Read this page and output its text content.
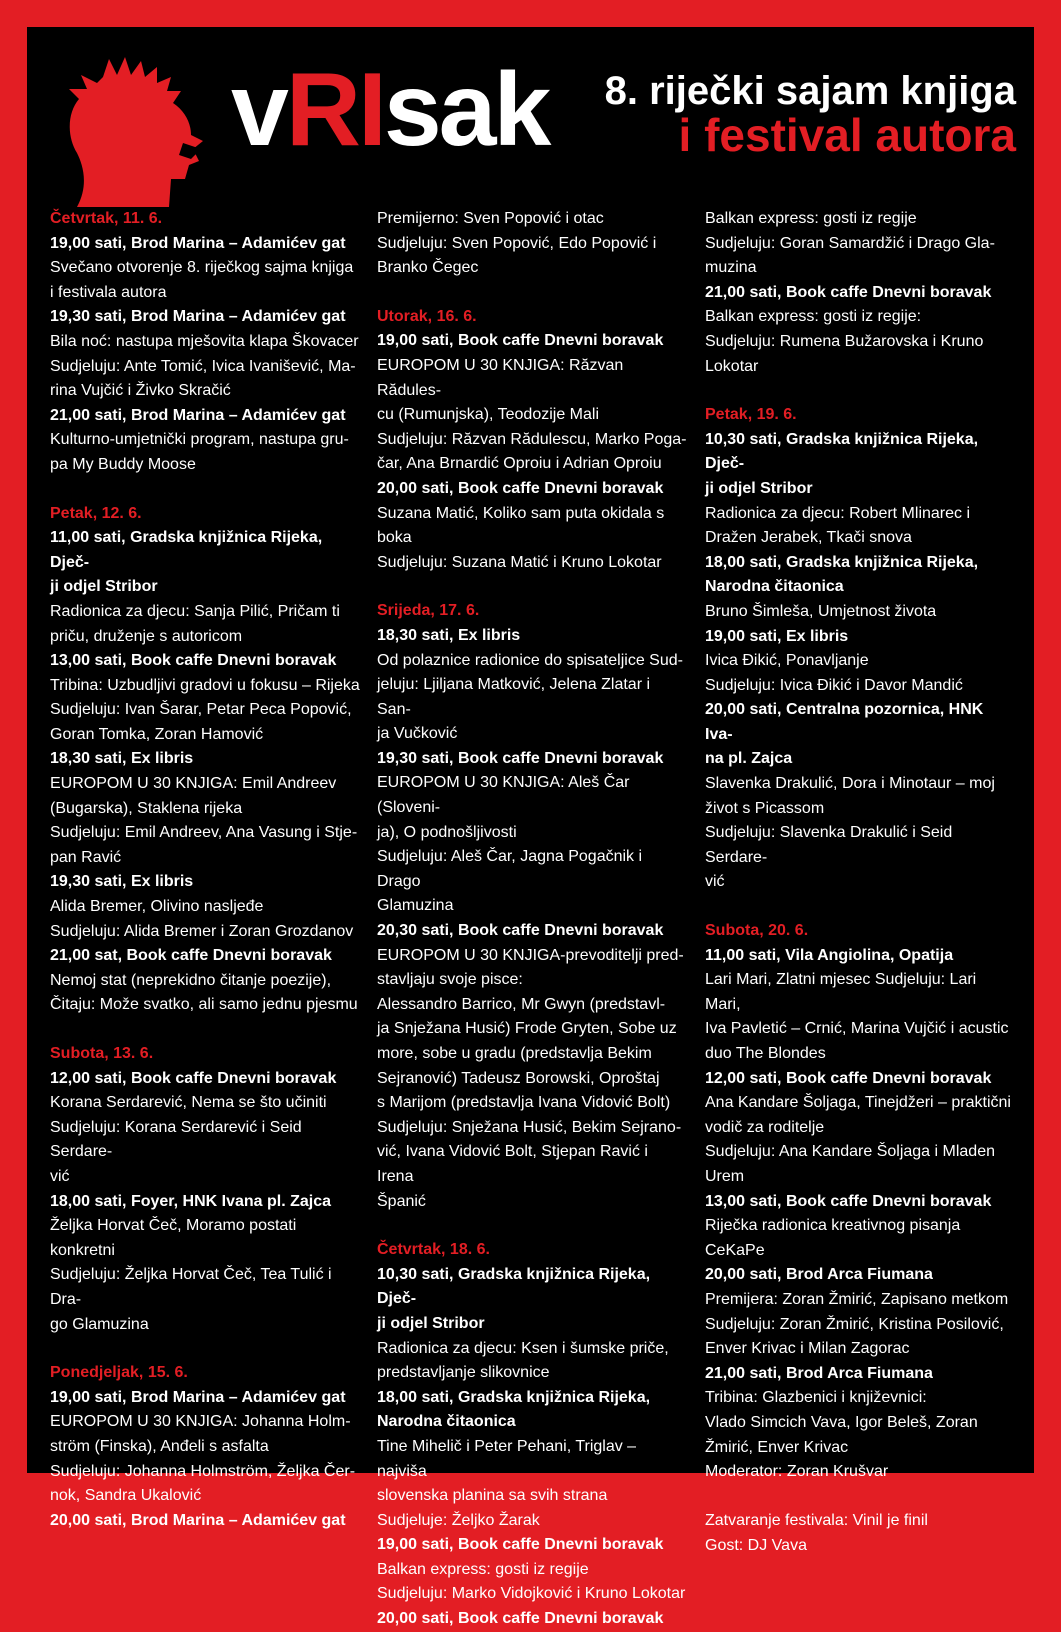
vRIsak 8. riječki sajam knjiga
i festival autora
Četvrtak, 11. 6.
19,00 sati, Brod Marina – Adamićev gat
Svečano otvorenje 8. riječkog sajma knjiga
i festivala autora
19,30 sati, Brod Marina – Adamićev gat
Bila noć: nastupa mješovita klapa Škovacer
Sudjeluju: Ante Tomić, Ivica Ivanišević, Ma-
rina Vujčić i Živko Skračić
21,00 sati, Brod Marina – Adamićev gat
Kulturno-umjetnički program, nastupa gru-
pa My Buddy Moose
Petak, 12. 6.
11,00 sati, Gradska knjižnica Rijeka, Dječ-
ji odjel Stribor
Radionica za djecu: Sanja Pilić, Pričam ti
priču, druženje s autoricom
13,00 sati, Book caffe Dnevni boravak
Tribina: Uzbudljivi gradovi u fokusu – Rijeka
Sudjeluju: Ivan Šarar, Petar Peca Popović,
Goran Tomka, Zoran Hamović
18,30 sati, Ex libris
EUROPOM U 30 KNJIGA: Emil Andreev
(Bugarska), Staklena rijeka
Sudjeluju: Emil Andreev, Ana Vasung i Stje-
pan Ravić
19,30 sati, Ex libris
Alida Bremer, Olivino nasljeđe
Sudjeluju: Alida Bremer i Zoran Grozdanov
21,00 sat, Book caffe Dnevni boravak
Nemoj stat (neprekidno čitanje poezije),
Čitaju: Može svatko, ali samo jednu pjesmu
Subota, 13. 6.
12,00 sati, Book caffe Dnevni boravak
Korana Serdarević, Nema se što učiniti
Sudjeluju: Korana Serdarević i Seid Serdare-
vić
18,00 sati, Foyer, HNK Ivana pl. Zajca
Željka Horvat Čeč, Moramo postati konkretni
Sudjeluju: Željka Horvat Čeč, Tea Tulić i Dra-
go Glamuzina
Ponedjeljak, 15. 6.
19,00 sati, Brod Marina – Adamićev gat
EUROPOM U 30 KNJIGA: Johanna Holm-
ström (Finska), Anđeli s asfalta
Sudjeluju: Johanna Holmström, Željka Čer-
nok, Sandra Ukalović
20,00 sati, Brod Marina – Adamićev gat
Premijerno: Sven Popović i otac
Sudjeluju: Sven Popović, Edo Popović i
Branko Čegec
Utorak, 16. 6.
19,00 sati, Book caffe Dnevni boravak
EUROPOM U 30 KNJIGA: Răzvan Rădules-
cu (Rumunjska), Teodozije Mali
Sudjeluju: Răzvan Rădulescu, Marko Poga-
čar, Ana Brnardić Oproiu i Adrian Oproiu
20,00 sati, Book caffe Dnevni boravak
Suzana Matić, Koliko sam puta okidala s
boka
Sudjeluju: Suzana Matić i Kruno Lokotar
Srijeda, 17. 6.
18,30 sati, Ex libris
Od polaznice radionice do spisateljice Sud-
jeluju: Ljiljana Matković, Jelena Zlatar i San-
ja Vučković
19,30 sati, Book caffe Dnevni boravak
EUROPOM U 30 KNJIGA: Aleš Čar (Sloveni-
ja), O podnošljivosti
Sudjeluju: Aleš Čar, Jagna Pogačnik i Drago
Glamuzina
20,30 sati, Book caffe Dnevni boravak
EUROPOM U 30 KNJIGA-prevoditelji pred-
stavljaju svoje pisce:
Alessandro Barrico, Mr Gwyn (predstavl-
ja Snježana Husić) Frode Gryten, Sobe uz
more, sobe u gradu (predstavlja Bekim
Sejranović) Tadeusz Borowski, Oproštaj
s Marijom (predstavlja Ivana Vidović Bolt)
Sudjeluju: Snježana Husić, Bekim Sejrano-
vić, Ivana Vidović Bolt, Stjepan Ravić i Irena
Španić
Četvrtak, 18. 6.
10,30 sati, Gradska knjižnica Rijeka, Dječ-
ji odjel Stribor
Radionica za djecu: Ksen i šumske priče,
predstavljanje slikovnice
18,00 sati, Gradska knjižnica Rijeka,
Narodna čitaonica
Tine Mihelič i Peter Pehani, Triglav – najviša
slovenska planina sa svih strana
Sudjeluje: Željko Žarak
19,00 sati, Book caffe Dnevni boravak
Balkan express: gosti iz regije
Sudjeluju: Marko Vidojković i Kruno Lokotar
20,00 sati, Book caffe Dnevni boravak
Balkan express: gosti iz regije
Sudjeluju: Goran Samardžić i Drago Gla-
muzina
21,00 sati, Book caffe Dnevni boravak
Balkan express: gosti iz regije:
Sudjeluju: Rumena Bužarovska i Kruno
Lokotar
Petak, 19. 6.
10,30 sati, Gradska knjižnica Rijeka, Dječ-
ji odjel Stribor
Radionica za djecu: Robert Mlinarec i
Dražen Jerabek, Tkači snova
18,00 sati, Gradska knjižnica Rijeka,
Narodna čitaonica
Bruno Šimleša, Umjetnost života
19,00 sati, Ex libris
Ivica Đikić, Ponavljanje
Sudjeluju: Ivica Đikić i Davor Mandić
20,00 sati, Centralna pozornica, HNK Iva-
na pl. Zajca
Slavenka Drakulić, Dora i Minotaur – moj
život s Picassom
Sudjeluju: Slavenka Drakulić i Seid Serdare-
vić
Subota, 20. 6.
11,00 sati, Vila Angiolina, Opatija
Lari Mari, Zlatni mjesec Sudjeluju: Lari Mari,
Iva Pavletić – Crnić, Marina Vujčić i acustic
duo The Blondes
12,00 sati, Book caffe Dnevni boravak
Ana Kandare Šoljaga, Tinejdžeri – praktični
vodič za roditelje
Sudjeluju: Ana Kandare Šoljaga i Mladen
Urem
13,00 sati, Book caffe Dnevni boravak
Riječka radionica kreativnog pisanja CeKaPe
20,00 sati, Brod Arca Fiumana
Premijera: Zoran Žmirić, Zapisano metkom
Sudjeluju: Zoran Žmirić, Kristina Posilović,
Enver Krivac i Milan Zagorac
21,00 sati, Brod Arca Fiumana
Tribina: Glazbenici i književnici:
Vlado Simcich Vava, Igor Beleš, Zoran
Žmirić, Enver Krivac
Moderator: Zoran Krušvar
Zatvaranje festivala: Vinil je finil
Gost: DJ Vava
